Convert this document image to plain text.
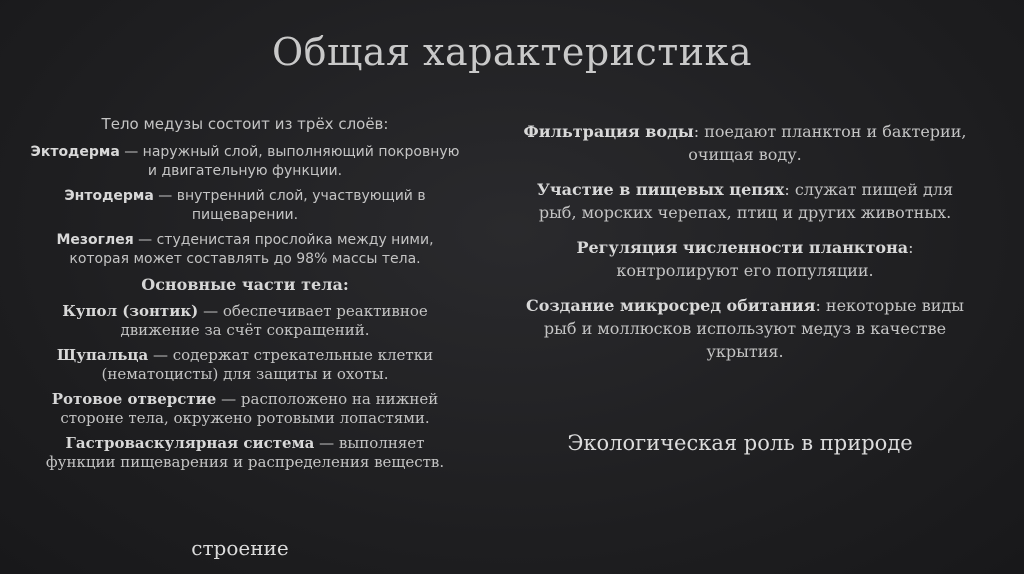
Общая характеристика

Тело медузы состоит из трёх слоёв:

Эктодерма — наружный слой, выполняющий покровную и двигательную функции.

Энтодерма — внутренний слой, участвующий в пищеварении.

Мезоглея — студенистая прослойка между ними, которая может составлять до 98% массы тела.

Основные части тела:

Купол (зонтик) — обеспечивает реактивное движение за счёт сокращений.

Щупальца — содержат стрекательные клетки (нематоцисты) для защиты и охоты.

Ротовое отверстие — расположено на нижней стороне тела, окружено ротовыми лопастями.

Гастроваскулярная система — выполняет функции пищеварения и распределения веществ.

строение

Фильтрация воды: поедают планктон и бактерии, очищая воду.

Участие в пищевых цепях: служат пищей для рыб, морских черепах, птиц и других животных.

Регуляция численности планктона: контролируют его популяции.

Создание микросред обитания: некоторые виды рыб и моллюсков используют медуз в качестве укрытия.

Экологическая роль в природе
